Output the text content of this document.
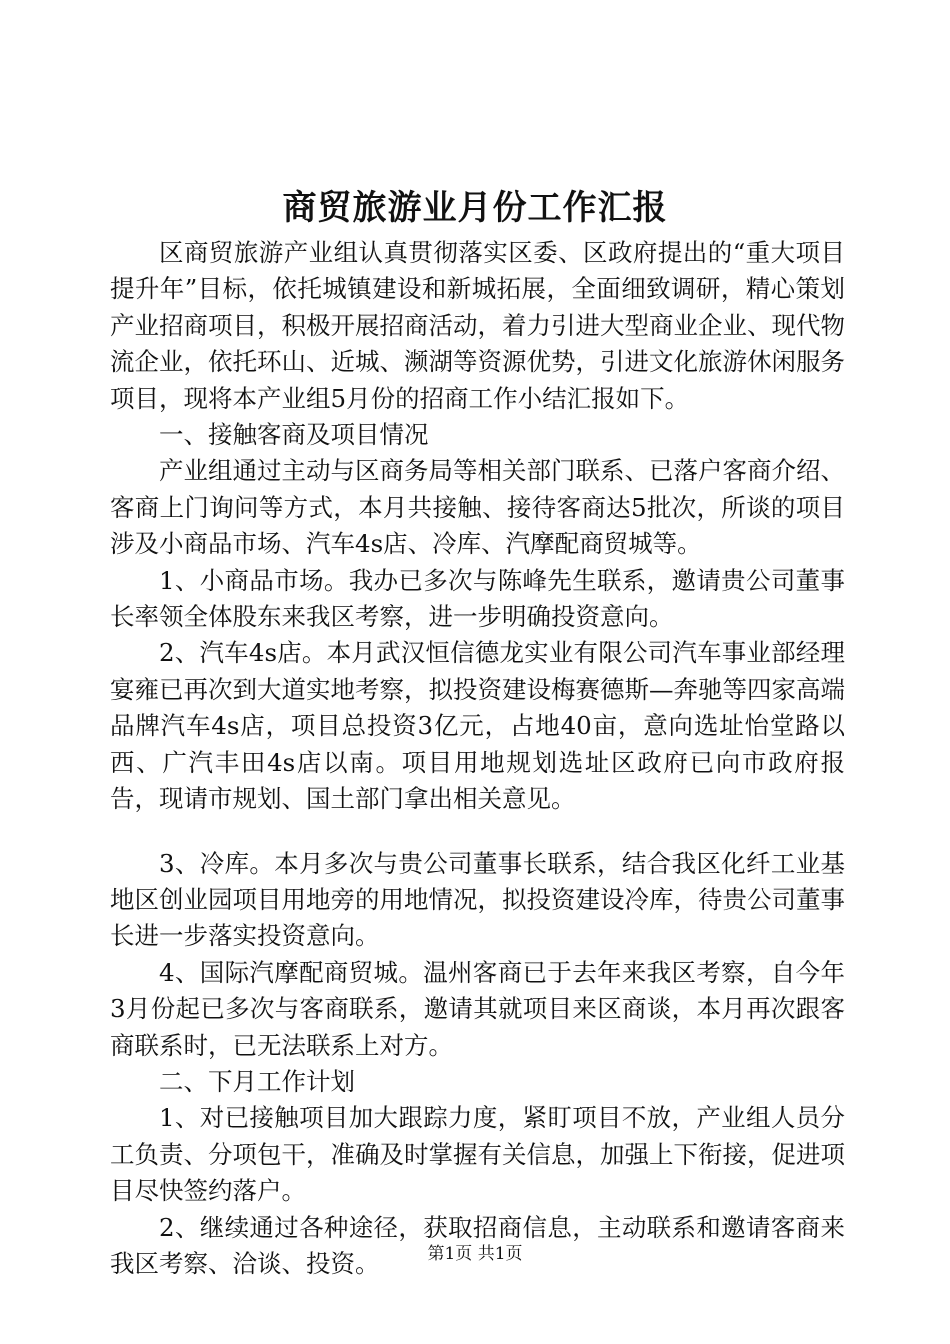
商贸旅游业月份工作汇报

区商贸旅游产业组认真贯彻落实区委、区政府提出的“重大项目提升年”目标，依托城镇建设和新城拓展，全面细致调研，精心策划产业招商项目，积极开展招商活动，着力引进大型商业企业、现代物流企业，依托环山、近城、濒湖等资源优势，引进文化旅游休闲服务项目，现将本产业组5月份的招商工作小结汇报如下。

一、接触客商及项目情况

产业组通过主动与区商务局等相关部门联系、已落户客商介绍、客商上门询问等方式，本月共接触、接待客商达5批次，所谈的项目涉及小商品市场、汽车4s店、冷库、汽摩配商贸城等。

1、小商品市场。我办已多次与陈峰先生联系，邀请贵公司董事长率领全体股东来我区考察，进一步明确投资意向。

2、汽车4s店。本月武汉恒信德龙实业有限公司汽车事业部经理宴雍已再次到大道实地考察，拟投资建设梅赛德斯—奔驰等四家高端品牌汽车4s店，项目总投资3亿元，占地40亩，意向选址怡堂路以西、广汽丰田4s店以南。项目用地规划选址区政府已向市政府报告，现请市规划、国土部门拿出相关意见。

3、冷库。本月多次与贵公司董事长联系，结合我区化纤工业基地区创业园项目用地旁的用地情况，拟投资建设冷库，待贵公司董事长进一步落实投资意向。

4、国际汽摩配商贸城。温州客商已于去年来我区考察，自今年3月份起已多次与客商联系，邀请其就项目来区商谈，本月再次跟客商联系时，已无法联系上对方。

二、下月工作计划

1、对已接触项目加大跟踪力度，紧盯项目不放，产业组人员分工负责、分项包干，准确及时掌握有关信息，加强上下衔接，促进项目尽快签约落户。

2、继续通过各种途径，获取招商信息，主动联系和邀请客商来我区考察、洽谈、投资。	第1页 共1页
